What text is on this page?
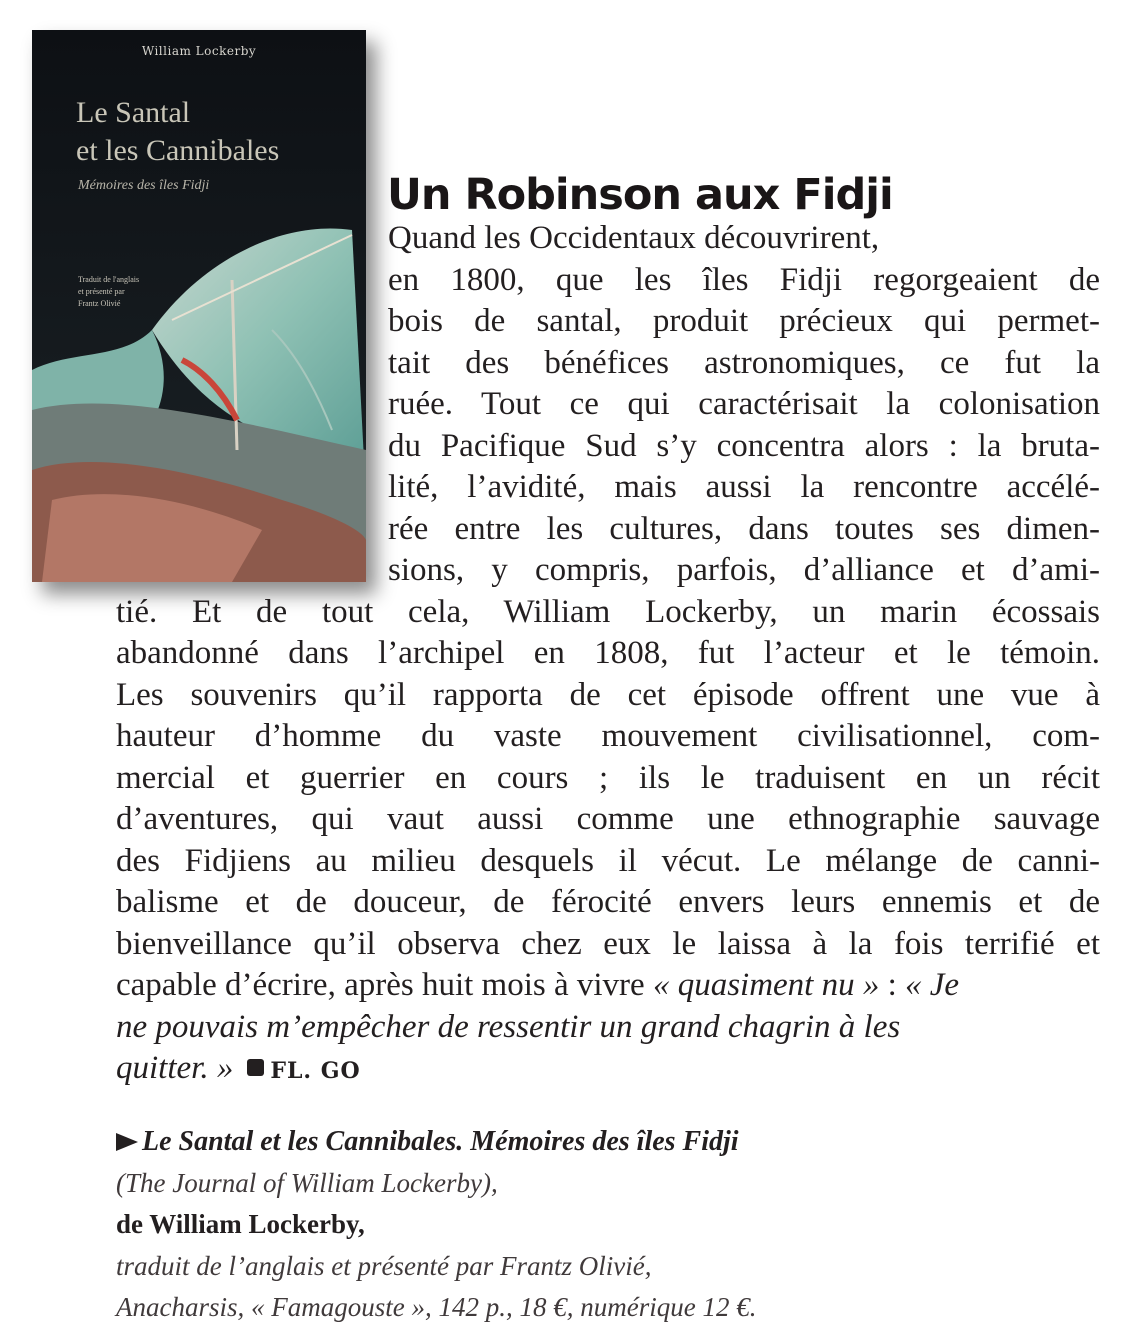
William Lockerby
Le Santal
et les Cannibales
Mémoires des îles Fidji
Traduit de l'anglais
et présenté par
Frantz Olivié
Un Robinson aux Fidji
Quand les Occidentaux découvrirent,
en 1800, que les îles Fidji regorgeaient de
bois de santal, produit précieux qui permet-
tait des bénéfices astronomiques, ce fut la
ruée. Tout ce qui caractérisait la colonisation
du Pacifique Sud s’y concentra alors : la bruta-
lité, l’avidité, mais aussi la rencontre accélé-
rée entre les cultures, dans toutes ses dimen-
sions, y compris, parfois, d’alliance et d’ami-
tié. Et de tout cela, William Lockerby, un marin écossais
abandonné dans l’archipel en 1808, fut l’acteur et le témoin.
Les souvenirs qu’il rapporta de cet épisode offrent une vue à
hauteur d’homme du vaste mouvement civilisationnel, com-
mercial et guerrier en cours ; ils le traduisent en un récit
d’aventures, qui vaut aussi comme une ethnographie sauvage
des Fidjiens au milieu desquels il vécut. Le mélange de canni-
balisme et de douceur, de férocité envers leurs ennemis et de
bienveillance qu’il observa chez eux le laissa à la fois terrifié et
capable d’écrire, après huit mois à vivre « quasiment nu » : « Je
ne pouvais m’empêcher de ressentir un grand chagrin à les
quitter. » FL. GO
Le Santal et les Cannibales. Mémoires des îles Fidji
(The Journal of William Lockerby),
de William Lockerby,
traduit de l’anglais et présenté par Frantz Olivié,
Anacharsis, « Famagouste », 142 p., 18 €, numérique 12 €.
